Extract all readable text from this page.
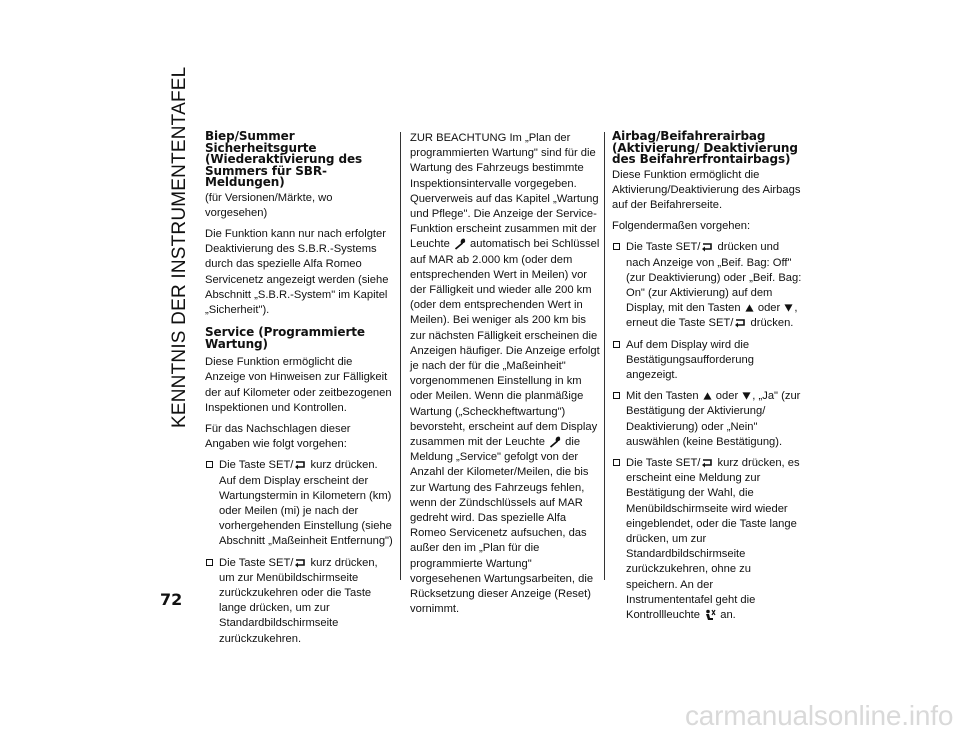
KENNTNIS DER INSTRUMENTENTAFEL Biep/Summer Sicherheitsgurte (Wiederaktivierung des Summers für SBR-Meldungen)

(für Versionen/Märkte, wo vorgesehen)

Die Funktion kann nur nach erfolgter Deaktivierung des S.B.R.-Systems durch das spezielle Alfa Romeo Servicenetz angezeigt werden (siehe Abschnitt „S.B.R.-System" im Kapitel „Sicherheit").

Service (Programmierte Wartung)

Diese Funktion ermöglicht die Anzeige von Hinweisen zur Fälligkeit der auf Kilometer oder zeitbezogenen Inspektionen und Kontrollen.

Für das Nachschlagen dieser Angaben wie folgt vorgehen:

Die Taste SET/ kurz drücken. Auf dem Display erscheint der Wartungstermin in Kilometern (km) oder Meilen (mi) je nach der vorhergehenden Einstellung (siehe Abschnitt „Maßeinheit Entfernung")
Die Taste SET/ kurz drücken, um zur Menübildschirmseite zurückzukehren oder die Taste lange drücken, um zur Standardbildschirmseite zurückzukehren.

ZUR BEACHTUNG Im „Plan der programmierten Wartung" sind für die Wartung des Fahrzeugs bestimmte Inspektionsintervalle vorgegeben. Querverweis auf das Kapitel „Wartung und Pflege". Die Anzeige der Service-Funktion erscheint zusammen mit der Leuchte  automatisch bei Schlüssel auf MAR ab 2.000 km (oder dem entsprechenden Wert in Meilen) vor der Fälligkeit und wieder alle 200 km (oder dem entsprechenden Wert in Meilen). Bei weniger als 200 km bis zur nächsten Fälligkeit erscheinen die Anzeigen häufiger. Die Anzeige erfolgt je nach der für die „Maßeinheit" vorgenommenen Einstellung in km oder Meilen. Wenn die planmäßige Wartung („Scheckheftwartung") bevorsteht, erscheint auf dem Display zusammen mit der Leuchte  die Meldung „Service" gefolgt von der Anzahl der Kilometer/Meilen, die bis zur Wartung des Fahrzeugs fehlen, wenn der Zündschlüssels auf MAR gedreht wird. Das spezielle Alfa Romeo Servicenetz aufsuchen, das außer den im „Plan für die programmierte Wartung" vorgesehenen Wartungsarbeiten, die Rücksetzung dieser Anzeige (Reset) vornimmt.

Airbag/Beifahrerairbag (Aktivierung/ Deaktivierung des Beifahrerfrontairbags)

Diese Funktion ermöglicht die Aktivierung/Deaktivierung des Airbags auf der Beifahrerseite.

Folgendermaßen vorgehen:

Die Taste SET/ drücken und nach Anzeige von „Beif. Bag: Off" (zur Deaktivierung) oder „Beif. Bag: On" (zur Aktivierung) auf dem Display, mit den Tasten  oder , erneut die Taste SET/ drücken.
Auf dem Display wird die Bestätigungsaufforderung angezeigt.
Mit den Tasten  oder , „Ja" (zur Bestätigung der Aktivierung/ Deaktivierung) oder „Nein" auswählen (keine Bestätigung).
Die Taste SET/ kurz drücken, es erscheint eine Meldung zur Bestätigung der Wahl, die Menübildschirmseite wird wieder eingeblendet, oder die Taste lange drücken, um zur Standardbildschirmseite zurückzukehren, ohne zu speichern. An der Instrumententafel geht die Kontrollleuchte  an.
72
carmanualsonline.info
